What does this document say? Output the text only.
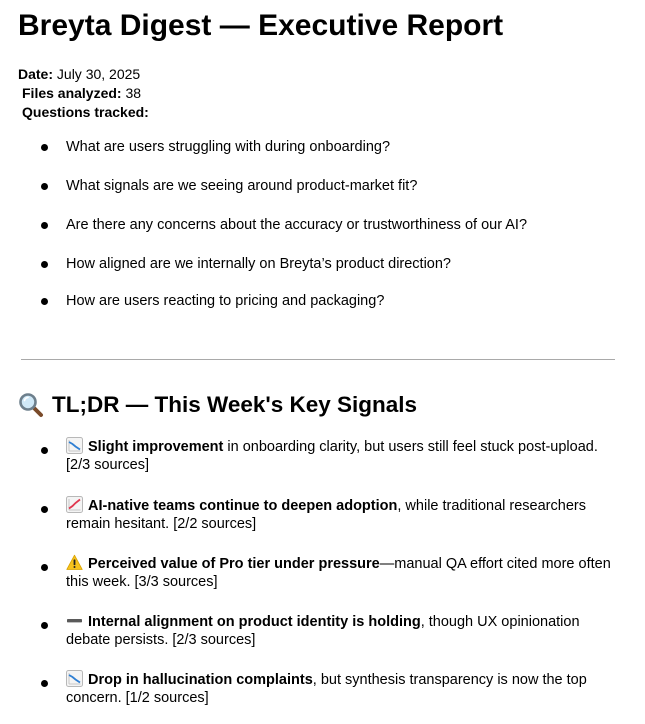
Breyta Digest — Executive Report
Date: July 30, 2025
Files analyzed: 38
Questions tracked:
What are users struggling with during onboarding?
What signals are we seeing around product-market fit?
Are there any concerns about the accuracy or trustworthiness of our AI?
How aligned are we internally on Breyta’s product direction?
How are users reacting to pricing and packaging?
TL;DR — This Week's Key Signals
Slight improvement in onboarding clarity, but users still feel stuck post-upload. [2/3 sources]
AI-native teams continue to deepen adoption, while traditional researchers remain hesitant. [2/2 sources]
Perceived value of Pro tier under pressure—manual QA effort cited more often this week. [3/3 sources]
Internal alignment on product identity is holding, though UX opinionation debate persists. [2/3 sources]
Drop in hallucination complaints, but synthesis transparency is now the top concern. [1/2 sources]
